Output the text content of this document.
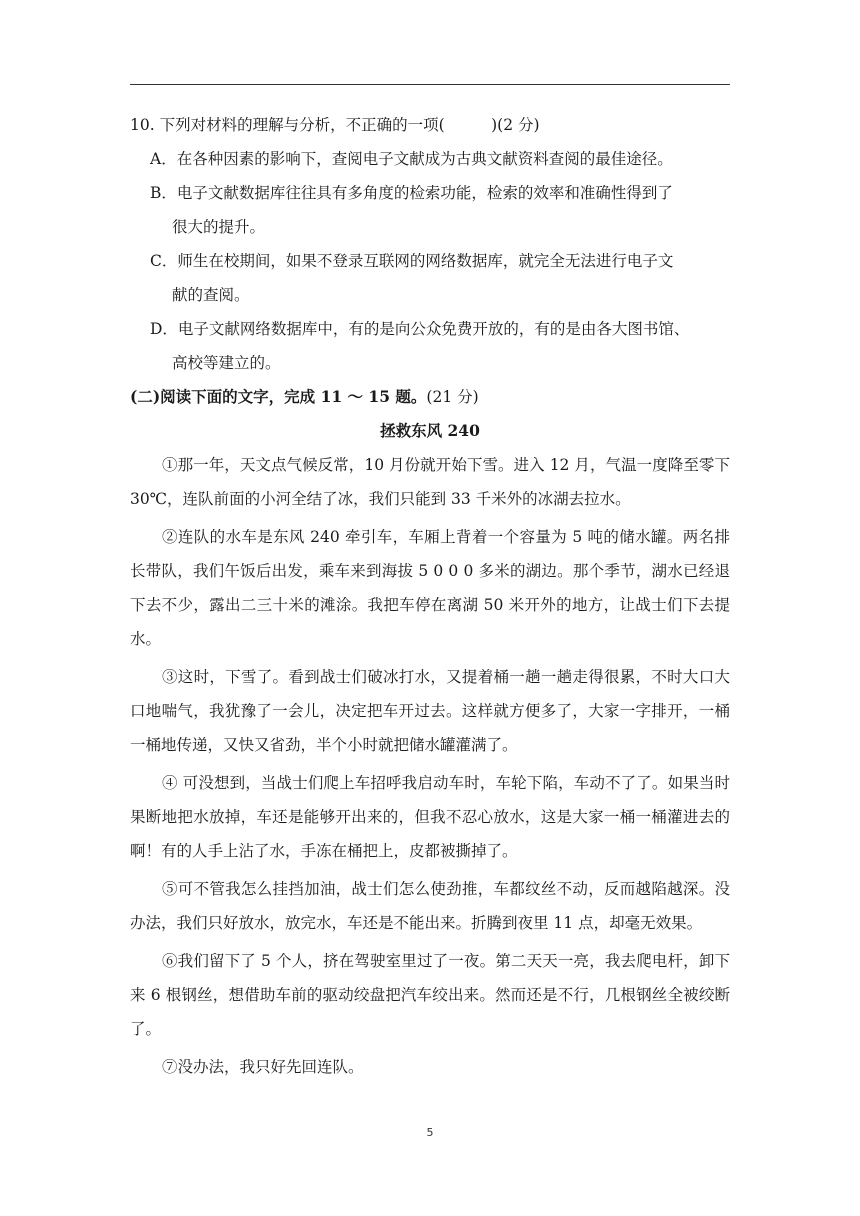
10. 下列对材料的理解与分析，不正确的一项(　　　)(2 分)

A．在各种因素的影响下，查阅电子文献成为古典文献资料查阅的最佳途径。
B．电子文献数据库往往具有多角度的检索功能，检索的效率和准确性得到了
很大的提升。
C．师生在校期间，如果不登录互联网的网络数据库，就完全无法进行电子文
献的查阅。
D．电子文献网络数据库中，有的是向公众免费开放的，有的是由各大图书馆、
高校等建立的。
(二)阅读下面的文字，完成 11 ～ 15 题。(21 分)

拯救东风 240

①那一年，天文点气候反常，10 月份就开始下雪。进入 12 月，气温一度降至零下 30℃，连队前面的小河全结了冰，我们只能到 33 千米外的冰湖去拉水。

②连队的水车是东风 240 牵引车，车厢上背着一个容量为 5 吨的储水罐。两名排长带队，我们午饭后出发，乘车来到海拔 5 0 0 0 多米的湖边。那个季节，湖水已经退下去不少，露出二三十米的滩涂。我把车停在离湖 50 米开外的地方，让战士们下去提水。

③这时，下雪了。看到战士们破冰打水，又提着桶一趟一趟走得很累，不时大口大口地喘气，我犹豫了一会儿，决定把车开过去。这样就方便多了，大家一字排开，一桶一桶地传递，又快又省劲，半个小时就把储水罐灌满了。

④ 可没想到，当战士们爬上车招呼我启动车时，车轮下陷，车动不了了。如果当时果断地把水放掉，车还是能够开出来的，但我不忍心放水，这是大家一桶一桶灌进去的啊！有的人手上沾了水，手冻在桶把上，皮都被撕掉了。

⑤可不管我怎么挂挡加油，战士们怎么使劲推，车都纹丝不动，反而越陷越深。没办法，我们只好放水，放完水，车还是不能出来。折腾到夜里 11 点，却毫无效果。

⑥我们留下了 5 个人，挤在驾驶室里过了一夜。第二天天一亮，我去爬电杆，卸下来 6 根钢丝，想借助车前的驱动绞盘把汽车绞出来。然而还是不行，几根钢丝全被绞断了。

⑦没办法，我只好先回连队。

5
